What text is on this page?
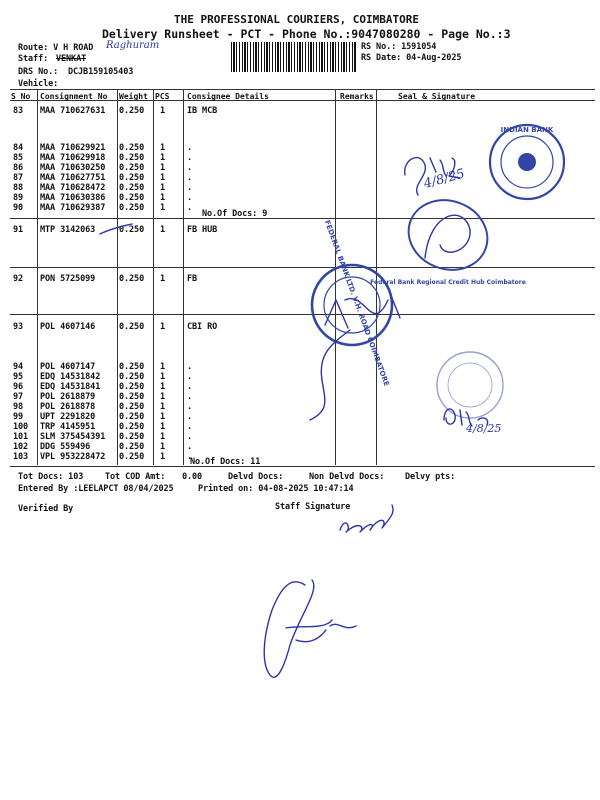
THE PROFESSIONAL COURIERS, COIMBATORE
Delivery Runsheet - PCT - Phone No.:9047080280 - Page No.:3
Route: V H ROAD
Staff: VENKAT
Raghuram
DRS No.: DCJB159105403
Vehicle:
RS No.: 1591054
RS Date: 04-Aug-2025
S No Consignment No Weight PCS Consignee Details	Remarks	Seal & Signature
83 MAA 710627631 0.250 1	IB MCB
84 MAA 710629921 0.250 1	.
85 MAA 710629918 0.250 1	.
86 MAA 710630250 0.250 1	.
87 MAA 710627751 0.250 1	.
88 MAA 710628472 0.250 1	.
89 MAA 710630386 0.250 1	.
90 MAA 710629387 0.250 1	.
91 MTP 3142063	0.250 1	FB HUB
92 PON 5725099	0.250 1	FB
93 POL 4607146	0.250 1	CBI RO
94 POL 4607147	0.250 1	.
95 EDQ 14531842 0.250 1	.
96 EDQ 14531841 0.250 1	.
97 POL 2618879	0.250 1	.
98 POL 2618878	0.250 1	.
99 UPT 2291820	0.250 1	.
100 TRP 4145951	0.250 1	.
101 SLM 375454391 0.250 1	.
102 DDG 559496	0.250 1	.
103 VPL 953228472 0.250 1	.
No.Of Docs: 9
No.Of Docs: 11
Tot Docs: 103	Tot COD Amt: 0.00	Delvd Docs:	Non Delvd Docs: Delvy pts:
Entered By :LEELAPCT 08/04/2025	Printed on: 04-08-2025 10:47:14
Verified By	Staff Signature
INDIAN BANK
4/8/25
Federal Bank Regional Credit Hub Coimbatore
FEDERAL BANK LTD. V.H. ROAD COIMBATORE
4/8/25
